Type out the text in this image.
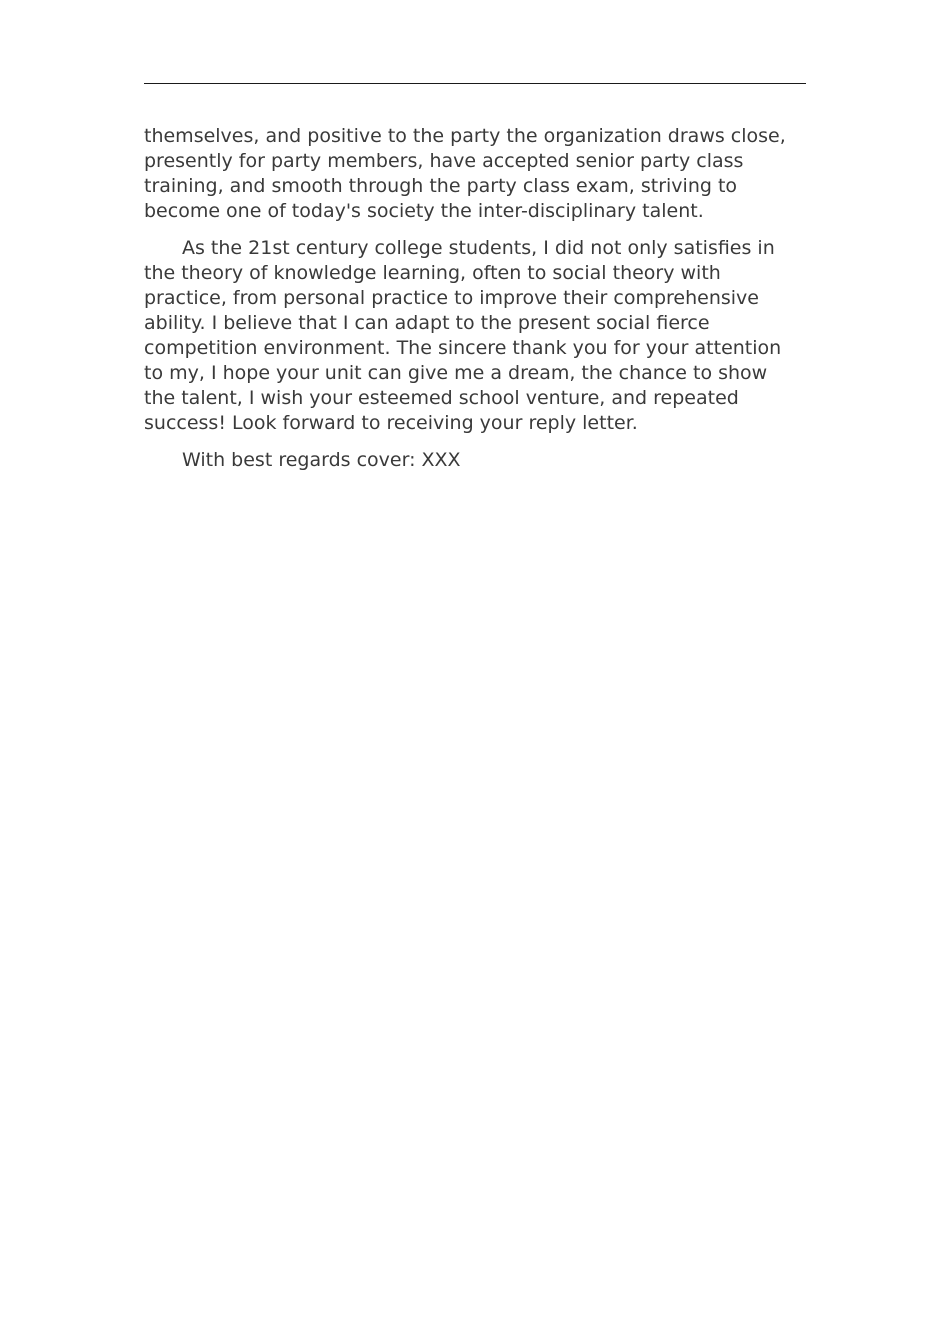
themselves, and positive to the party the organization draws close,
presently for party members, have accepted senior party class
training, and smooth through the party class exam, striving to
become one of today's society the inter-disciplinary talent.

As the 21st century college students, I did not only satisfies in
the theory of knowledge learning, often to social theory with
practice, from personal practice to improve their comprehensive
ability. I believe that I can adapt to the present social fierce
competition environment. The sincere thank you for your attention
to my, I hope your unit can give me a dream, the chance to show
the talent, I wish your esteemed school venture, and repeated
success! Look forward to receiving your reply letter.

With best regards cover: XXX
